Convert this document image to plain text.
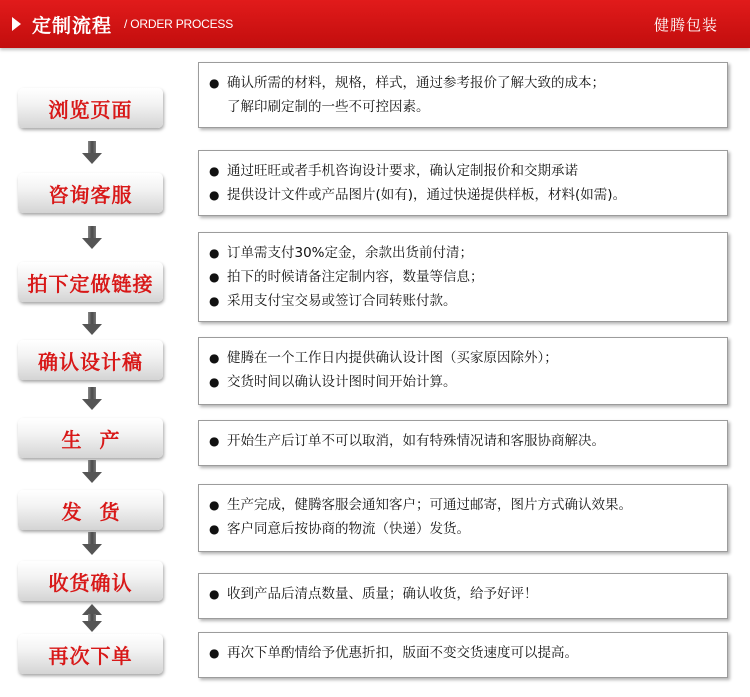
定制流程 / ORDER PROCESS	健腾包装
浏览页面
● 确认所需的材料，规格，样式，通过参考报价了解大致的成本；
了解印刷定制的一些不可控因素。
咨询客服
● 通过旺旺或者手机咨询设计要求，确认定制报价和交期承诺
● 提供设计文件或产品图片(如有)，通过快递提供样板，材料(如需)。
拍下定做链接
● 订单需支付30%定金，余款出货前付清；
● 拍下的时候请备注定制内容，数量等信息；
● 采用支付宝交易或签订合同转账付款。
确认设计稿	● 健腾在一个工作日内提供确认设计图（买家原因除外）；
● 交货时间以确认设计图时间开始计算。
生产	● 开始生产后订单不可以取消，如有特殊情况请和客服协商解决。
发货	● 生产完成，健腾客服会通知客户；可通过邮寄，图片方式确认效果。
● 客户同意后按协商的物流（快递）发货。
收货确认	● 收到产品后清点数量、质量；确认收货，给予好评！
再次下单	● 再次下单酌情给予优惠折扣，版面不变交货速度可以提高。
